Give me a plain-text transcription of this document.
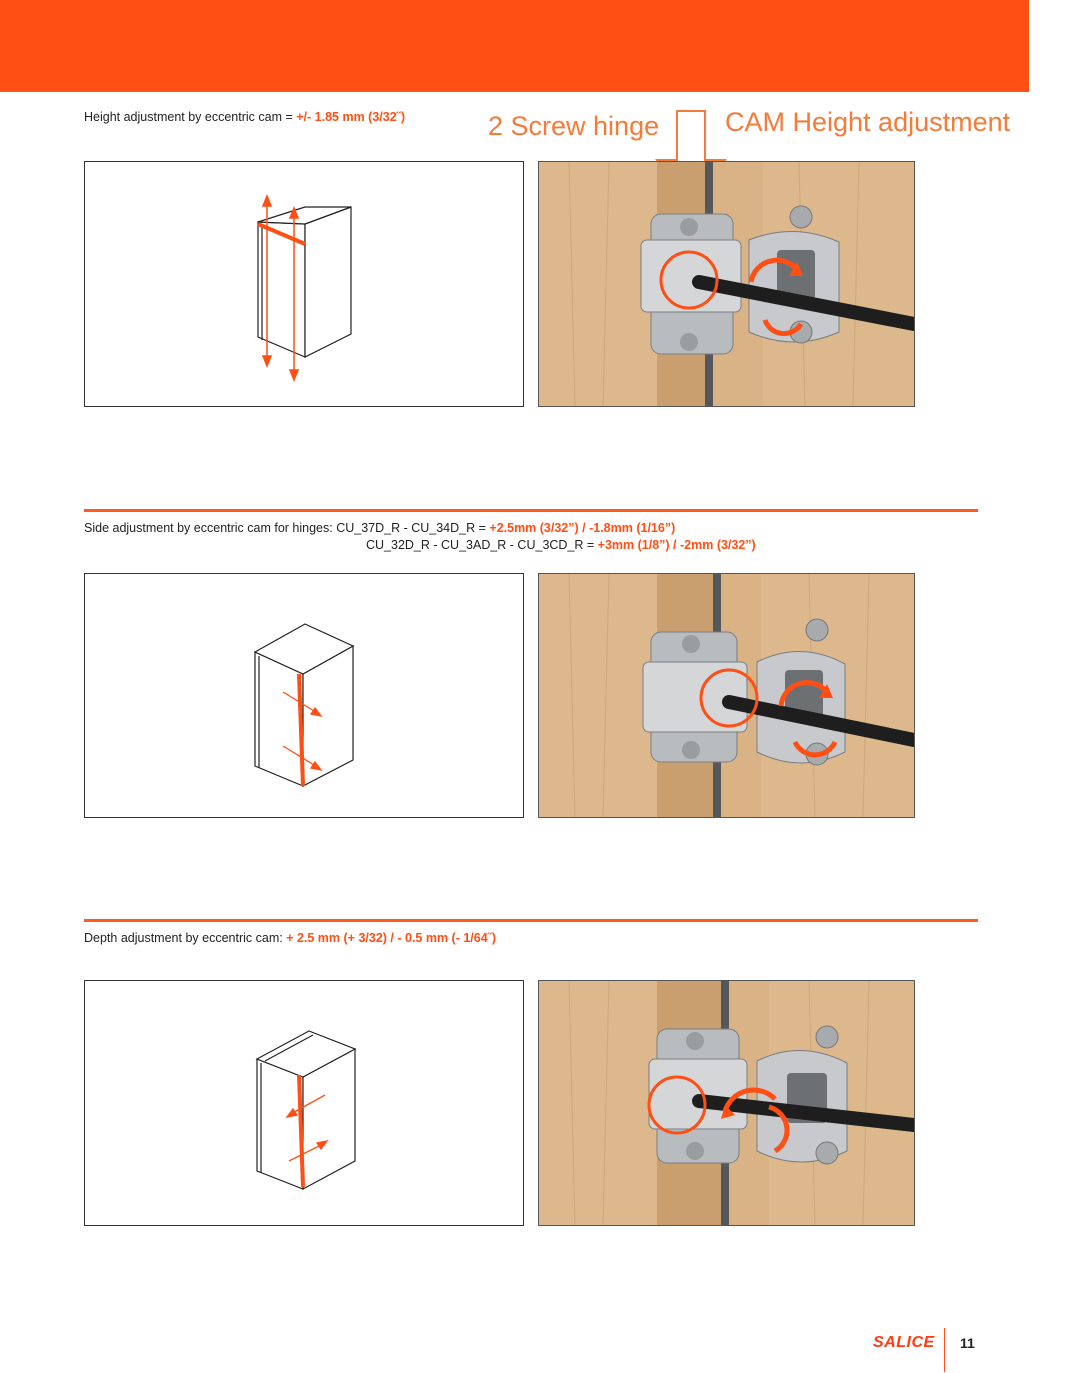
2 Screw hinge CAM Height adjustment
Height adjustment by eccentric cam = +/- 1.85 mm (3/32˝)
Side adjustment by eccentric cam for hinges: CU_37D_R - CU_34D_R = +2.5mm (3/32”) / -1.8mm (1/16”)
CU_32D_R - CU_3AD_R - CU_3CD_R = +3mm (1/8”) / -2mm (3/32”)
Depth adjustment by eccentric cam: + 2.5 mm (+ 3/32) / - 0.5 mm (- 1/64˝)
SALICE 11
